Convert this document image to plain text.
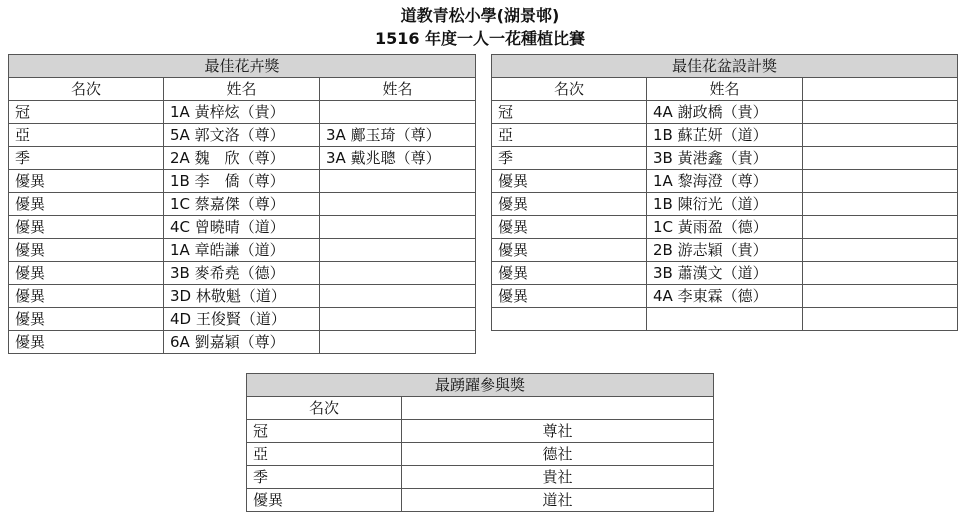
道教青松小學(湖景邨)
1516 年度一人一花種植比賽
最佳花卉獎		
名次	姓名	姓名
冠	1A 黃梓炫（貴）	
亞	5A 郭文洛（尊）	3A 鄺玉琦（尊）
季	2A 魏　欣（尊）	3A 戴兆聰（尊）
優異	1B 李　僑（尊）	
優異	1C 蔡嘉傑（尊）	
優異	4C 曾曉晴（道）	
優異	1A 章皓謙（道）	
優異	3B 麥希堯（德）	
優異	3D 林敬魁（道）	
優異	4D 王俊賢（道）	
優異	6A 劉嘉穎（尊）	
最佳花盆設計獎		
名次	姓名	
冠	4A 謝政橋（貴）	
亞	1B 蘇芷妍（道）	
季	3B 黃港鑫（貴）	
優異	1A 黎海澄（尊）	
優異	1B 陳衍光（道）	
優異	1C 黃雨盈（德）	
優異	2B 游志穎（貴）	
優異	3B 蕭漢文（道）	
優異	4A 李東霖（德）	

最踴躍參與獎	
名次	
冠	尊社
亞	德社
季	貴社
優異	道社
